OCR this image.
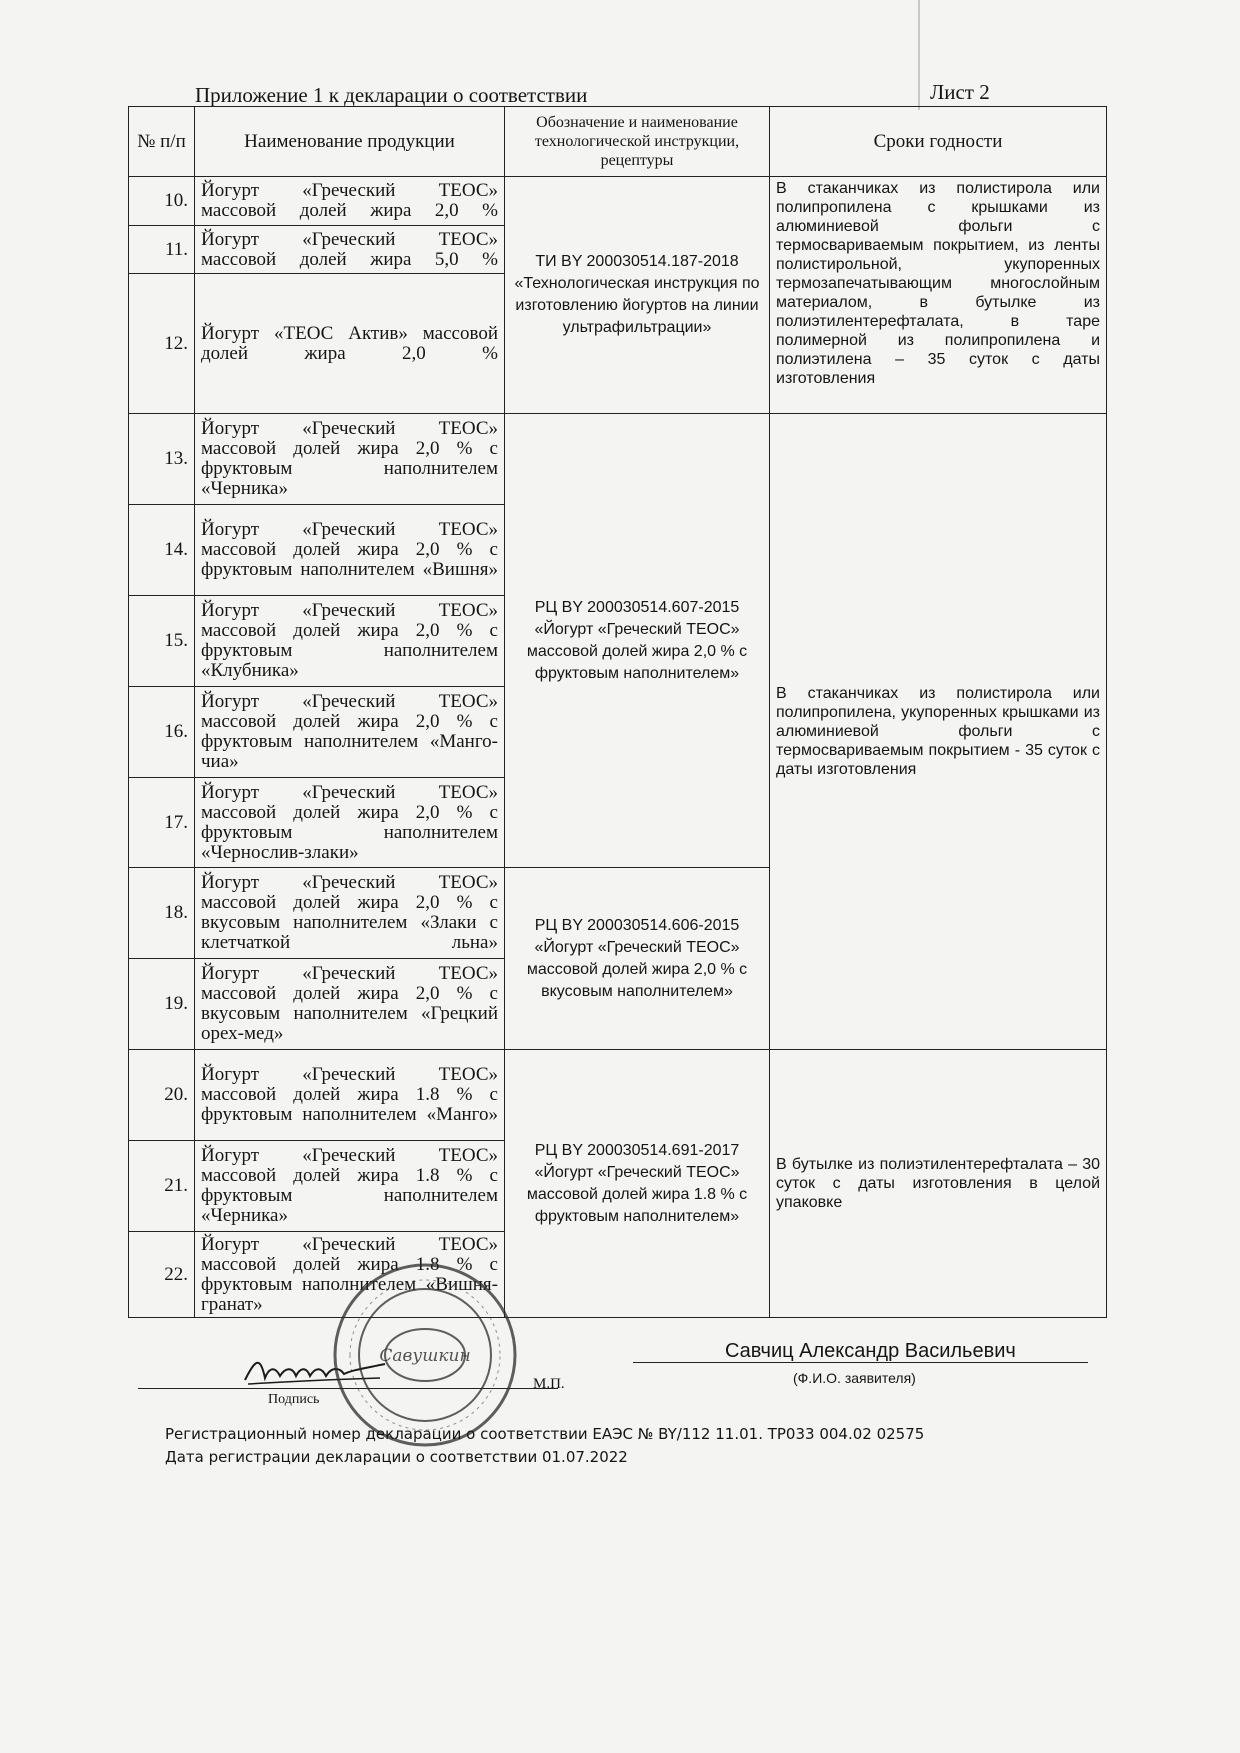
Приложение 1 к декларации о соответствии	Лист 2
№ п/п	Наименование продукции	Обозначение и наименование технологической инструкции, рецептуры	Сроки годности
10.	Йогурт «Греческий ТЕОС» массовой долей жира 2,0 %	ТИ BY 200030514.187-2018 «Технологическая инструкция по изготовлению йогуртов на линии ультрафильтрации»	В стаканчиках из полистирола или полипропилена с крышками из алюминиевой фольги с термосвариваемым покрытием, из ленты полистирольной, укупоренных термозапечатывающим многослойным материалом, в бутылке из полиэтилентерефталата, в таре полимерной из полипропилена и полиэтилена – 35 суток с даты изготовления
11.	Йогурт «Греческий ТЕОС» массовой долей жира 5,0 %		
12.	Йогурт «ТЕОС Актив» массовой долей жира 2,0 %		
13.	Йогурт «Греческий ТЕОС» массовой долей жира 2,0 % с фруктовым наполнителем «Черника»	РЦ BY 200030514.607-2015 «Йогурт «Греческий ТЕОС» массовой долей жира 2,0 % с фруктовым наполнителем»	В стаканчиках из полистирола или полипропилена, укупоренных крышками из алюминиевой фольги с термосвариваемым покрытием - 35 суток с даты изготовления
14.	Йогурт «Греческий ТЕОС» массовой долей жира 2,0 % с фруктовым наполнителем «Вишня»		
15.	Йогурт «Греческий ТЕОС» массовой долей жира 2,0 % с фруктовым наполнителем «Клубника»		
16.	Йогурт «Греческий ТЕОС» массовой долей жира 2,0 % с фруктовым наполнителем «Манго-чиа»		
17.	Йогурт «Греческий ТЕОС» массовой долей жира 2,0 % с фруктовым наполнителем «Чернослив-злаки»		
18.	Йогурт «Греческий ТЕОС» массовой долей жира 2,0 % с вкусовым наполнителем «Злаки с клетчаткой льна»	РЦ BY 200030514.606-2015 «Йогурт «Греческий ТЕОС» массовой долей жира 2,0 % с вкусовым наполнителем»	
19.	Йогурт «Греческий ТЕОС» массовой долей жира 2,0 % с вкусовым наполнителем «Грецкий орех-мед»		
20.	Йогурт «Греческий ТЕОС» массовой долей жира 1.8 % с фруктовым наполнителем «Манго»	РЦ BY 200030514.691-2017 «Йогурт «Греческий ТЕОС» массовой долей жира 1.8 % с фруктовым наполнителем»	В бутылке из полиэтилентерефталата – 30 суток с даты изготовления в целой упаковке
21.	Йогурт «Греческий ТЕОС» массовой долей жира 1.8 % с фруктовым наполнителем «Черника»		
22.	Йогурт «Греческий ТЕОС» массовой долей жира 1.8 % с фруктовым наполнителем «Вишня-гранат»		
Подпись
М.П.
Савчиц Александр Васильевич
(Ф.И.О. заявителя)
Савушкин
Регистрационный номер декларации о соответствии ЕАЭС № BY/112 11.01. ТР033 004.02 02575
Дата регистрации декларации о соответствии 01.07.2022
